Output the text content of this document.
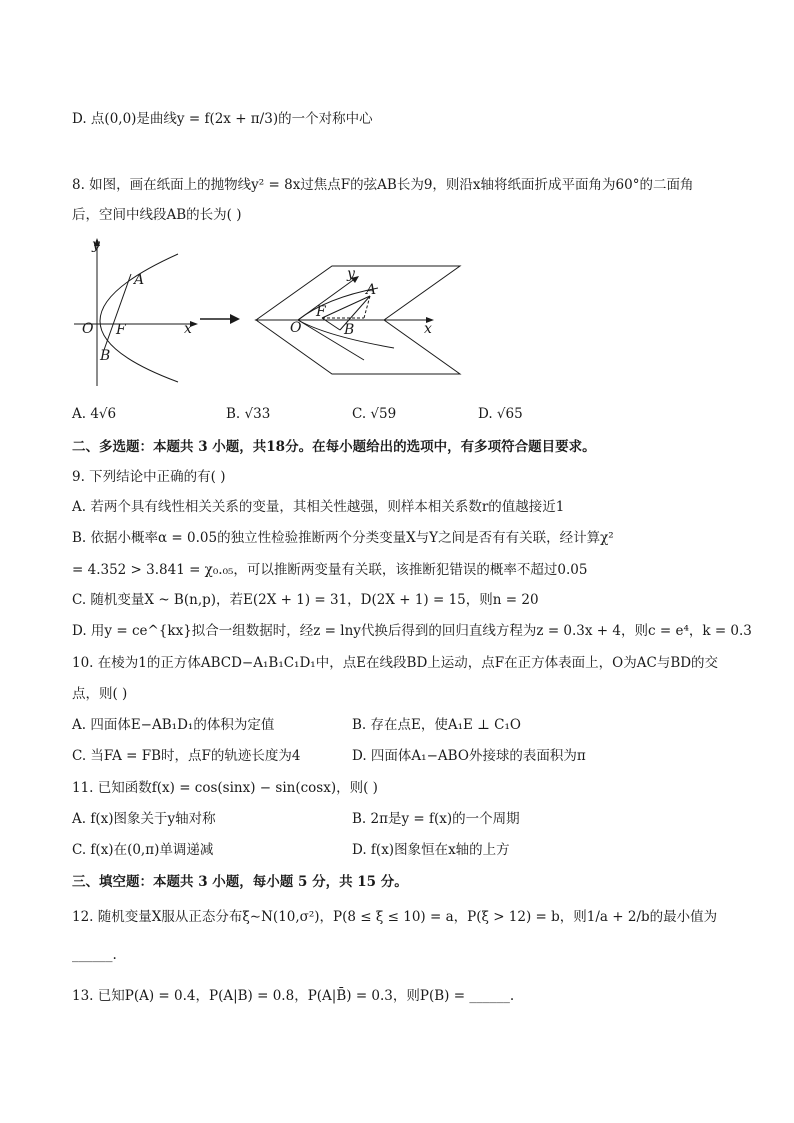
D. 点(0,0)是曲线y = f(2x + π/3)的一个对称中心
8. 如图，画在纸面上的抛物线y² = 8x过焦点F的弦AB长为9，则沿x轴将纸面折成平面角为60°的二面角
后，空间中线段AB的长为( )
y
A
O F	x
B
y
A
O
F
x
B
A. 4√6	B. √33	C. √59	D. √65
二、多选题：本题共 3 小题，共18分。在每小题给出的选项中，有多项符合题目要求。
9. 下列结论中正确的有( )
A. 若两个具有线性相关关系的变量，其相关性越强，则样本相关系数r的值越接近1
B. 依据小概率α = 0.05的独立性检验推断两个分类变量X与Y之间是否有有关联，经计算χ²
= 4.352 > 3.841 = χ₀.₀₅，可以推断两变量有关联，该推断犯错误的概率不超过0.05
C. 随机变量X ~ B(n,p)，若E(2X + 1) = 31，D(2X + 1) = 15，则n = 20
D. 用y = ce^{kx}拟合一组数据时，经z = lny代换后得到的回归直线方程为z = 0.3x + 4，则c = e⁴，k = 0.3
10. 在棱为1的正方体ABCD−A₁B₁C₁D₁中，点E在线段BD上运动，点F在正方体表面上，O为AC与BD的交
点，则( )
A. 四面体E−AB₁D₁的体积为定值	B. 存在点E，使A₁E ⊥ C₁O
C. 当FA = FB时，点F的轨迹长度为4	D. 四面体A₁−ABO外接球的表面积为π
11. 已知函数f(x) = cos(sinx) − sin(cosx)，则( )
A. f(x)图象关于y轴对称	B. 2π是y = f(x)的一个周期
C. f(x)在(0,π)单调递减	D. f(x)图象恒在x轴的上方
三、填空题：本题共 3 小题，每小题 5 分，共 15 分。
12. 随机变量X服从正态分布ξ∼N(10,σ²)，P(8 ≤ ξ ≤ 10) = a，P(ξ > 12) = b，则1/a + 2/b的最小值为
______.
13. 已知P(A) = 0.4，P(A|B) = 0.8，P(A|B̄) = 0.3，则P(B) = ______.
